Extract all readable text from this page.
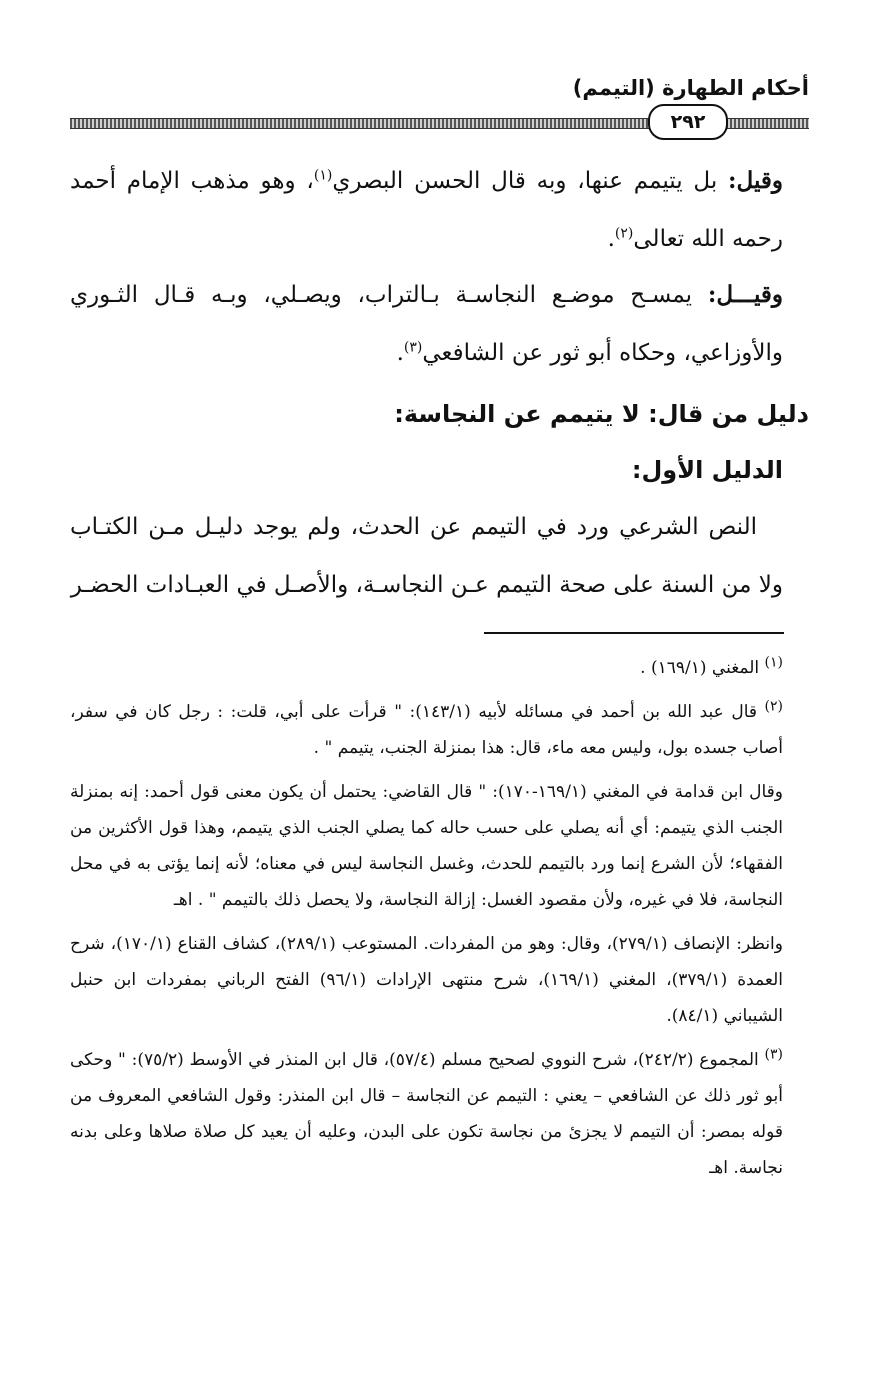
أحكام الطهارة (التيمم)
٢٩٢
وقيل: بل يتيمم عنها، وبه قال الحسن البصري$^{(١)}$، وهو مذهب الإمام أحمد رحمه الله تعالى$^{(٢)}$.
وقيـــل: يمسـح موضـع النجاسـة بـالتراب، ويصـلي، وبـه قـال الثـوري والأوزاعي، وحكاه أبو ثور عن الشافعي$^{(٣)}$.
دليل من قال: لا يتيمم عن النجاسة:
الدليل الأول:
النص الشرعي ورد في التيمم عن الحدث، ولم يوجد دليـل مـن الكتـاب ولا من السنة على صحة التيمم عـن النجاسـة، والأصـل في العبـادات الحضـر

$^{(١)}$ المغني (١٦٩/١) .

$^{(٢)}$ قال عبد الله بن أحمد في مسائله لأبيه (١٤٣/١): " قرأت على أبي، قلت: : رجل كان في سفر، أصاب جسده بول، وليس معه ماء، قال: هذا بمنزلة الجنب، يتيمم " .

وقال ابن قدامة في المغني (١٦٩/١-١٧٠): " قال القاضي: يحتمل أن يكون معنى قول أحمد: إنه بمنزلة الجنب الذي يتيمم: أي أنه يصلي على حسب حاله كما يصلي الجنب الذي يتيمم، وهذا قول الأكثرين من الفقهاء؛ لأن الشرع إنما ورد بالتيمم للحدث، وغسل النجاسة ليس في معناه؛ لأنه إنما يؤتى به في محل النجاسة، فلا في غيره، ولأن مقصود الغسل: إزالة النجاسة، ولا يحصل ذلك بالتيمم " . اهـ

وانظر: الإنصاف (٢٧٩/١)، وقال: وهو من المفردات. المستوعب (٢٨٩/١)، كشاف القناع (١٧٠/١)، شرح العمدة (٣٧٩/١)، المغني (١٦٩/١)، شرح منتهى الإرادات (٩٦/١) الفتح الرباني بمفردات ابن حنبل الشيباني (٨٤/١).

$^{(٣)}$ المجموع (٢٤٢/٢)، شرح النووي لصحيح مسلم (٥٧/٤)، قال ابن المنذر في الأوسط (٧٥/٢): " وحكى أبو ثور ذلك عن الشافعي – يعني : التيمم عن النجاسة – قال ابن المنذر: وقول الشافعي المعروف من قوله بمصر: أن التيمم لا يجزئ من نجاسة تكون على البدن، وعليه أن يعيد كل صلاة صلاها وعلى بدنه نجاسة. اهـ
